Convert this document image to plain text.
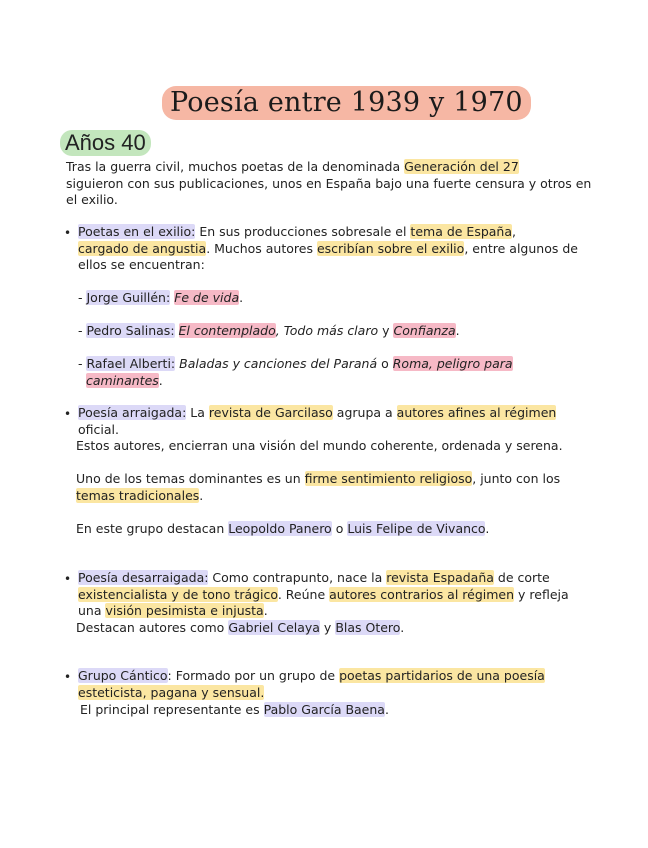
Poesía entre 1939 y 1970
Años 40
Tras la guerra civil, muchos poetas de la denominada Generación del 27
siguieron con sus publicaciones, unos en España bajo una fuerte censura y otros en el exilio.
• Poetas en el exilio: En sus producciones sobresale el tema de España,
cargado de angustia. Muchos autores escribían sobre el exilio, entre algunos de ellos se encuentran:
- Jorge Guillén: Fe de vida.
- Pedro Salinas: El contemplado, Todo más claro y Confianza.
- Rafael Alberti: Baladas y canciones del Paraná o Roma, peligro para
caminantes.
• Poesía arraigada: La revista de Garcilaso agrupa a autores afines al régimen
oficial.
Estos autores, encierran una visión del mundo coherente, ordenada y serena.
Uno de los temas dominantes es un firme sentimiento religioso, junto con los
temas tradicionales.
En este grupo destacan Leopoldo Panero o Luis Felipe de Vivanco.
• Poesía desarraigada: Como contrapunto, nace la revista Espadaña de corte
existencialista y de tono trágico. Reúne autores contrarios al régimen y refleja
una visión pesimista e injusta.
Destacan autores como Gabriel Celaya y Blas Otero.
• Grupo Cántico: Formado por un grupo de poetas partidarios de una poesía
esteticista, pagana y sensual.
El principal representante es Pablo García Baena.
